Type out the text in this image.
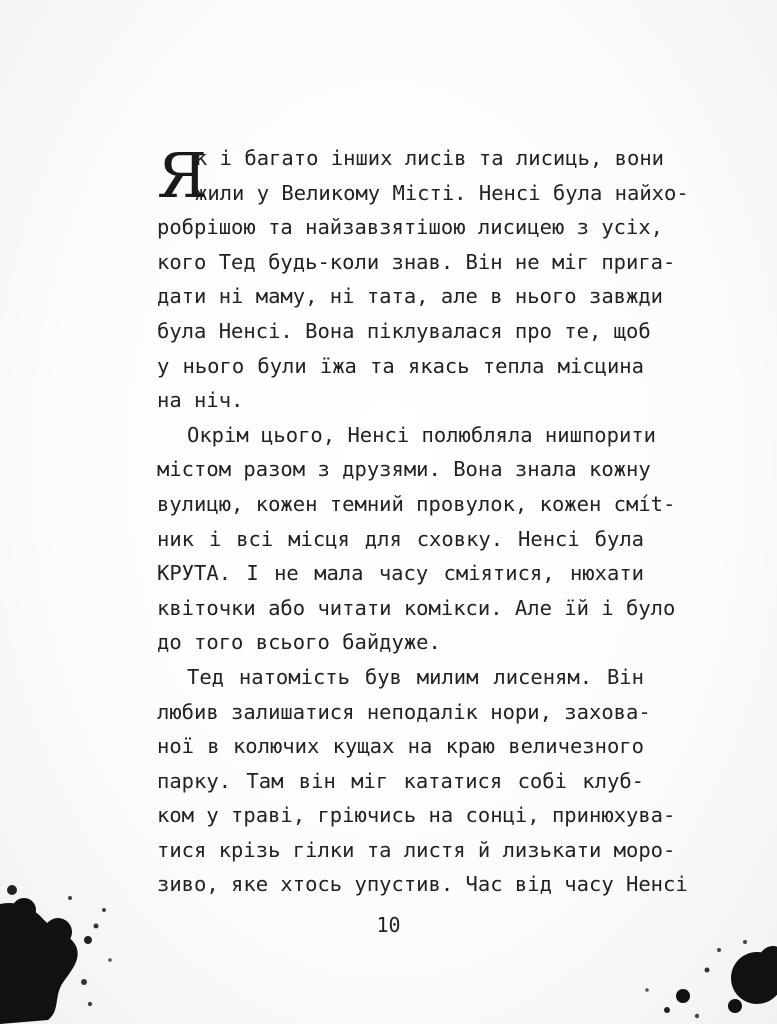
Я
к і багато інших лисів та лисиць, вони
жили у Великому Місті. Ненсі була найхо-
робрішою та найзавзятішою лисицею з усіх,
кого Тед будь-коли знав. Він не міг прига-
дати ні маму, ні тата, але в нього завжди
була Ненсі. Вона піклувалася про те, щоб
у нього були їжа та якась тепла місцина
на ніч.
Окрім цього, Ненсі полюбляла нишпорити
містом разом з друзями. Вона знала кожну
вулицю, кожен темний провулок, кожен смít-
ник і всі місця для сховку. Ненсі була
КРУТА. І не мала часу сміятися, нюхати
квіточки або читати комікси. Але їй і було
до того всього байдуже.
Тед натомість був милим лисеням. Він
любив залишатися неподалік нори, захова-
ної в колючих кущах на краю величезного
парку. Там він міг кататися собі клуб-
ком у траві, гріючись на сонці, принюхува-
тися крізь гілки та листя й лизькати моро-
зиво, яке хтось упустив. Час від часу Ненсі
10
